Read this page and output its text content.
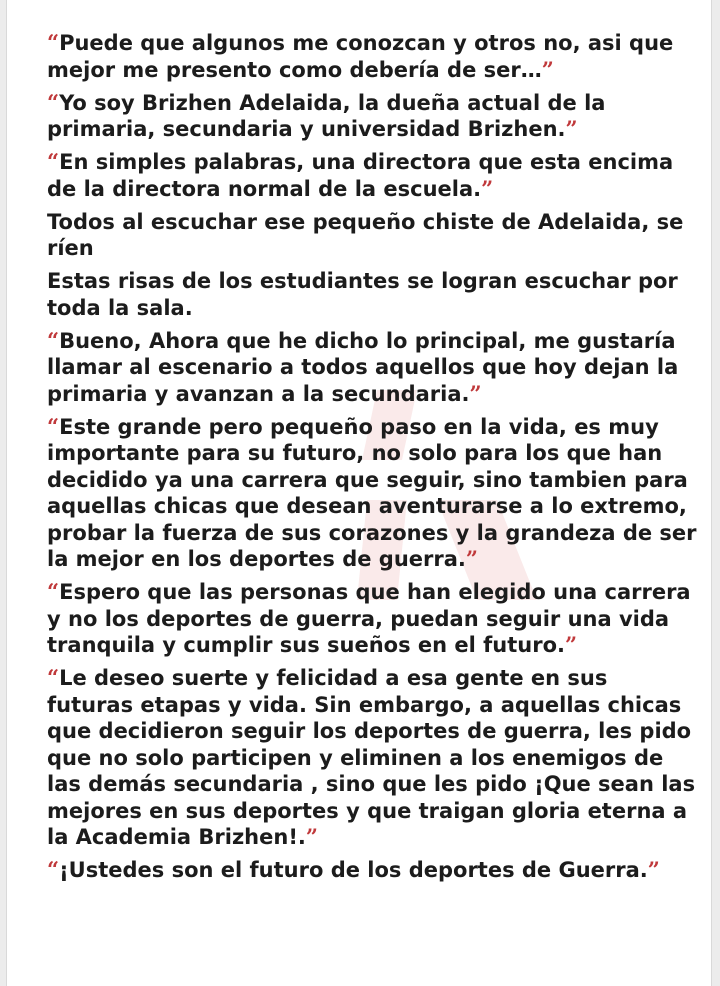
“Puede que algunos me conozcan y otros no, asi que mejor me presento como debería de ser…”

“Yo soy Brizhen Adelaida, la dueña actual de la primaria, secundaria y universidad Brizhen.”

“En simples palabras, una directora que esta encima de la directora normal de la escuela.”

Todos al escuchar ese pequeño chiste de Adelaida, se ríen

Estas risas de los estudiantes se logran escuchar por toda la sala.

“Bueno, Ahora que he dicho lo principal, me gustaría llamar al escenario a todos aquellos que hoy dejan la primaria y avanzan a la secundaria.”

“Este grande pero pequeño paso en la vida, es muy importante para su futuro, no solo para los que han decidido ya una carrera que seguir, sino tambien para aquellas chicas que desean aventurarse a lo extremo, probar la fuerza de sus corazones y la grandeza de ser la mejor en los deportes de guerra.”

“Espero que las personas que han elegido una carrera y no los deportes de guerra, puedan seguir una vida tranquila y cumplir sus sueños en el futuro.”

“Le deseo suerte y felicidad a esa gente en sus futuras etapas y vida. Sin embargo, a aquellas chicas que decidieron seguir los deportes de guerra, les pido que no solo participen y eliminen a los enemigos de las demás secundaria , sino que les pido ¡Que sean las mejores en sus deportes y que traigan gloria eterna a la Academia Brizhen!.”

“¡Ustedes son el futuro de los deportes de Guerra.”
